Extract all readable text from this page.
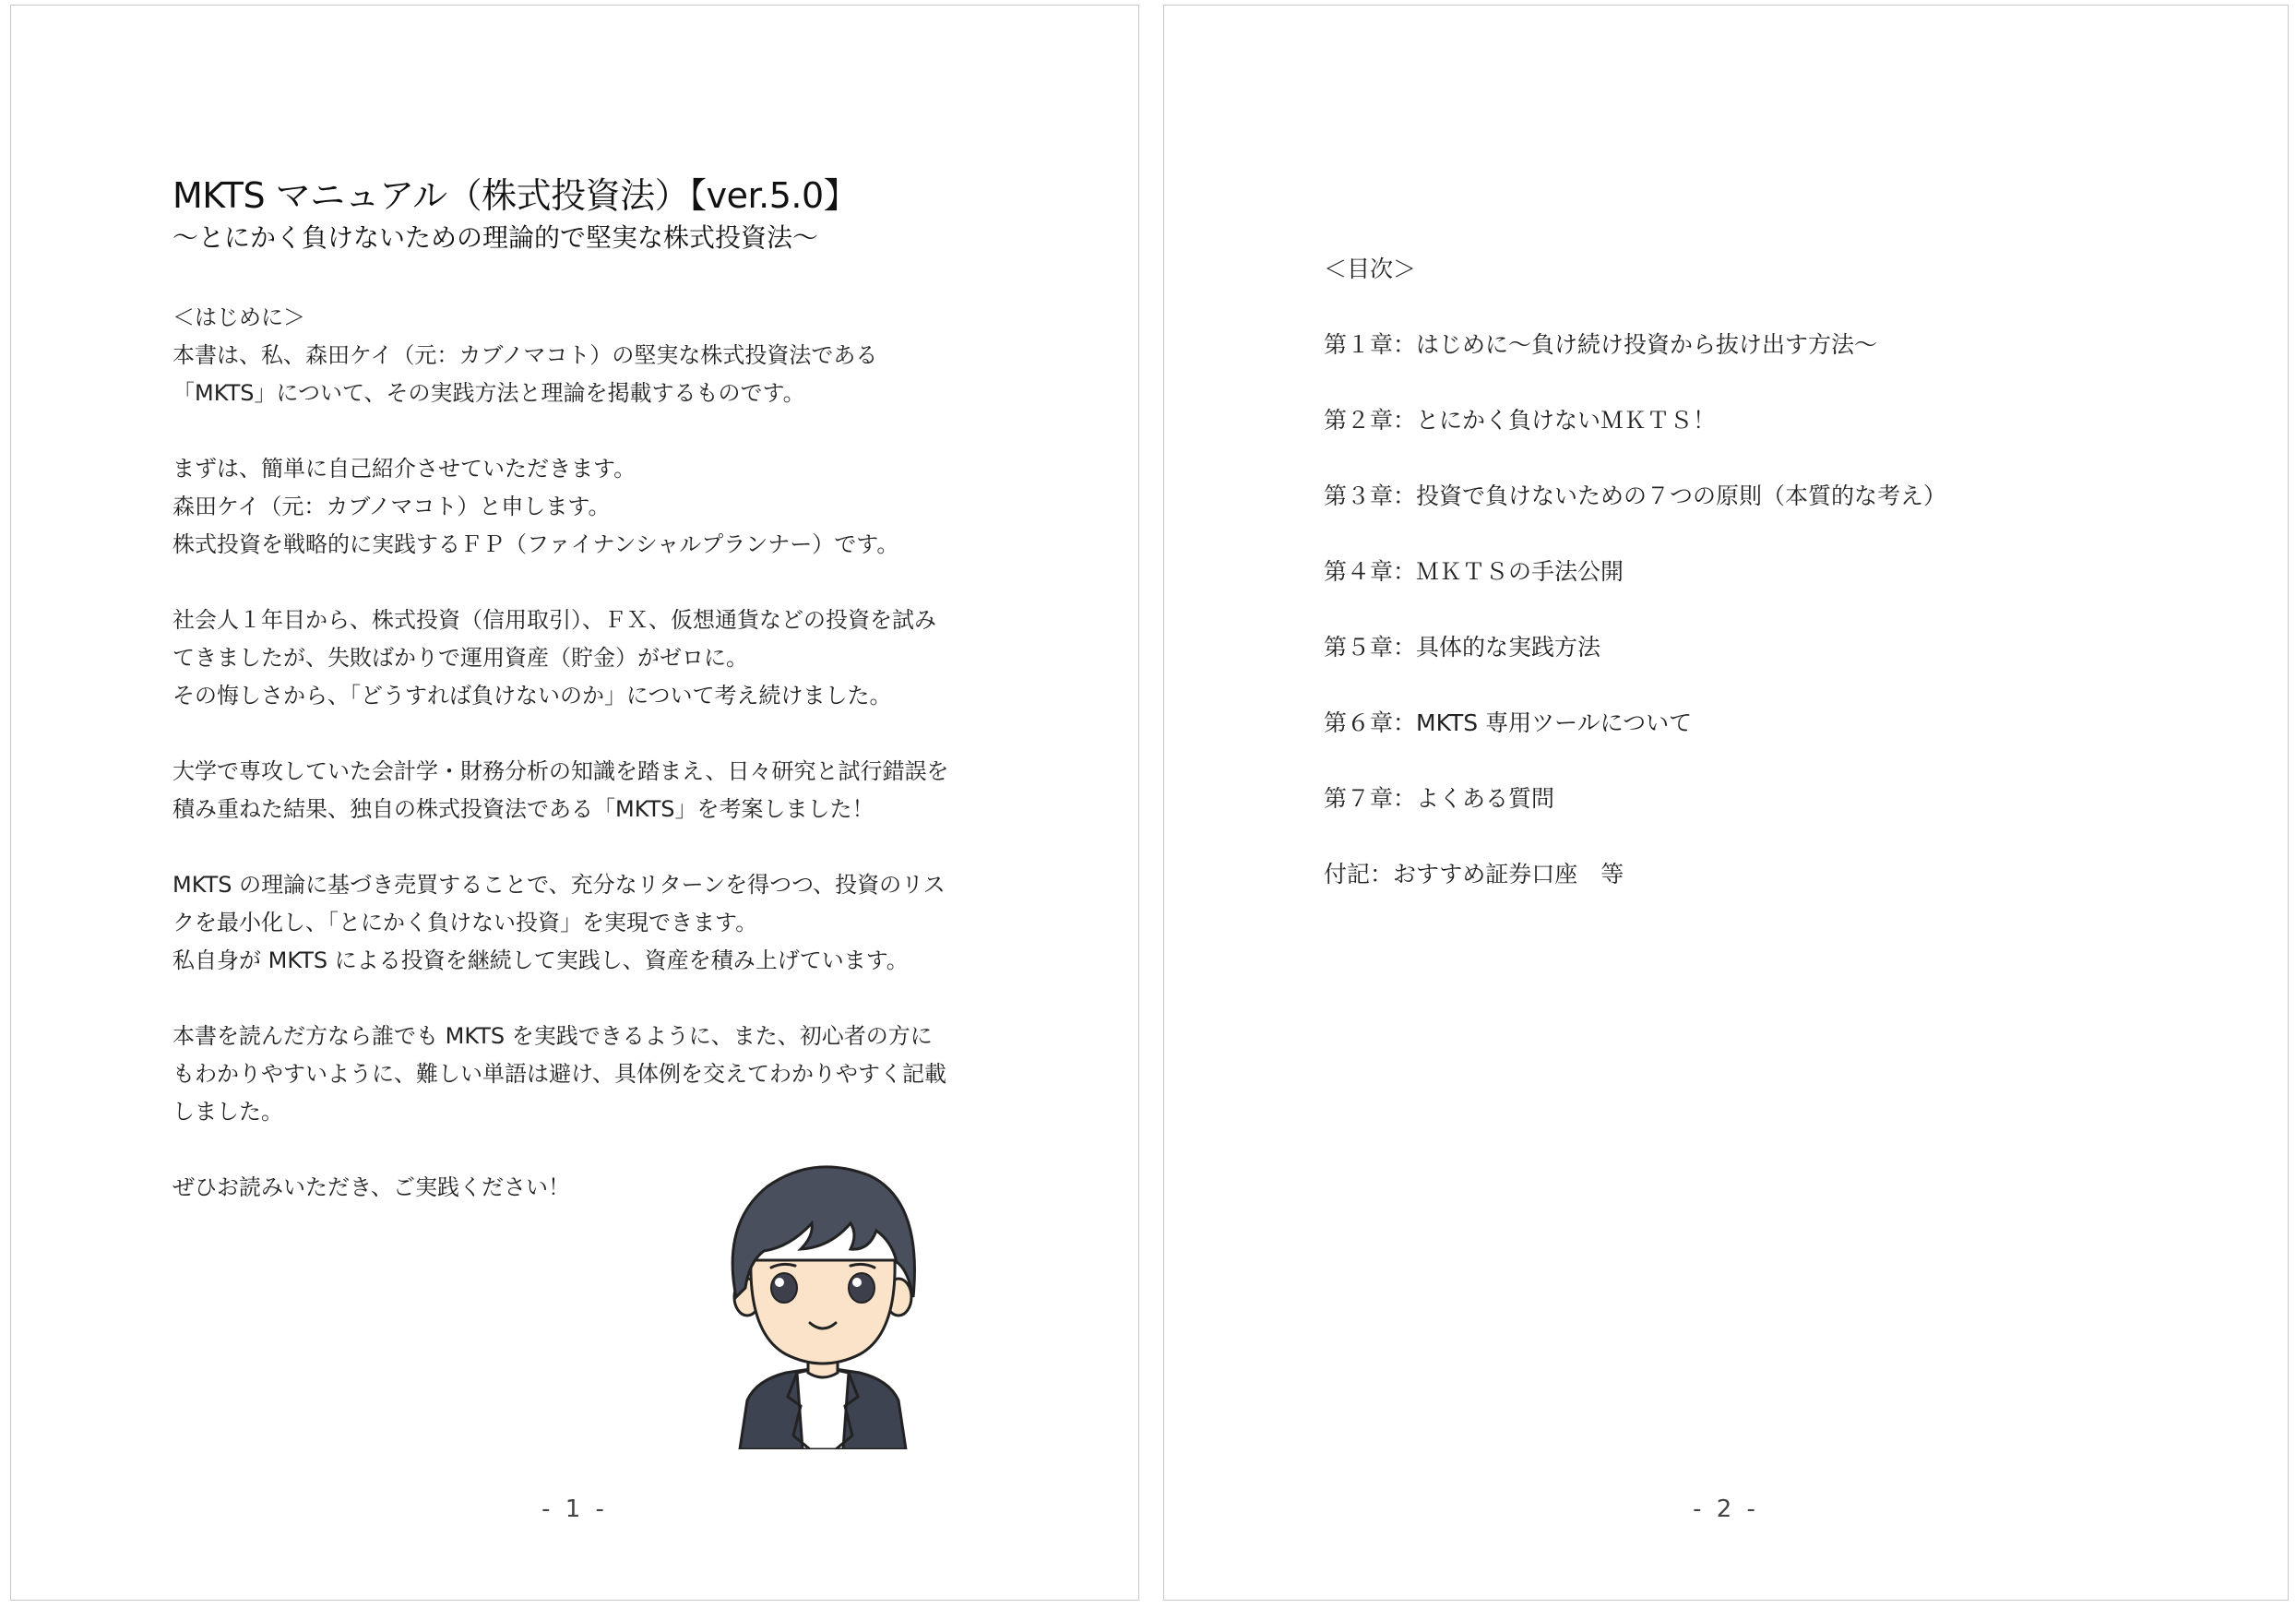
MKTS マニュアル（株式投資法）【ver.5.0】
～とにかく負けないための理論的で堅実な株式投資法～
＜はじめに＞
本書は、私、森田ケイ（元：カブノマコト）の堅実な株式投資法である
「MKTS」について、その実践方法と理論を掲載するものです。
まずは、簡単に自己紹介させていただきます。
森田ケイ（元：カブノマコト）と申します。
株式投資を戦略的に実践するＦＰ（ファイナンシャルプランナー）です。
社会人１年目から、株式投資（信用取引）、ＦＸ、仮想通貨などの投資を試み
てきましたが、失敗ばかりで運用資産（貯金）がゼロに。
その悔しさから、「どうすれば負けないのか」について考え続けました。
大学で専攻していた会計学・財務分析の知識を踏まえ、日々研究と試行錯誤を
積み重ねた結果、独自の株式投資法である「MKTS」を考案しました！
MKTS の理論に基づき売買することで、充分なリターンを得つつ、投資のリス
クを最小化し、「とにかく負けない投資」を実現できます。
私自身が MKTS による投資を継続して実践し、資産を積み上げています。
本書を読んだ方なら誰でも MKTS を実践できるように、また、初心者の方に
もわかりやすいように、難しい単語は避け、具体例を交えてわかりやすく記載
しました。
ぜひお読みいただき、ご実践ください！
- 1 -
＜目次＞
第１章：はじめに～負け続け投資から抜け出す方法～
第２章：とにかく負けないＭＫＴＳ！
第３章：投資で負けないための７つの原則（本質的な考え）
第４章：ＭＫＴＳの手法公開
第５章：具体的な実践方法
第６章：MKTS 専用ツールについて
第７章：よくある質問
付記：おすすめ証券口座　等
- 2 -
